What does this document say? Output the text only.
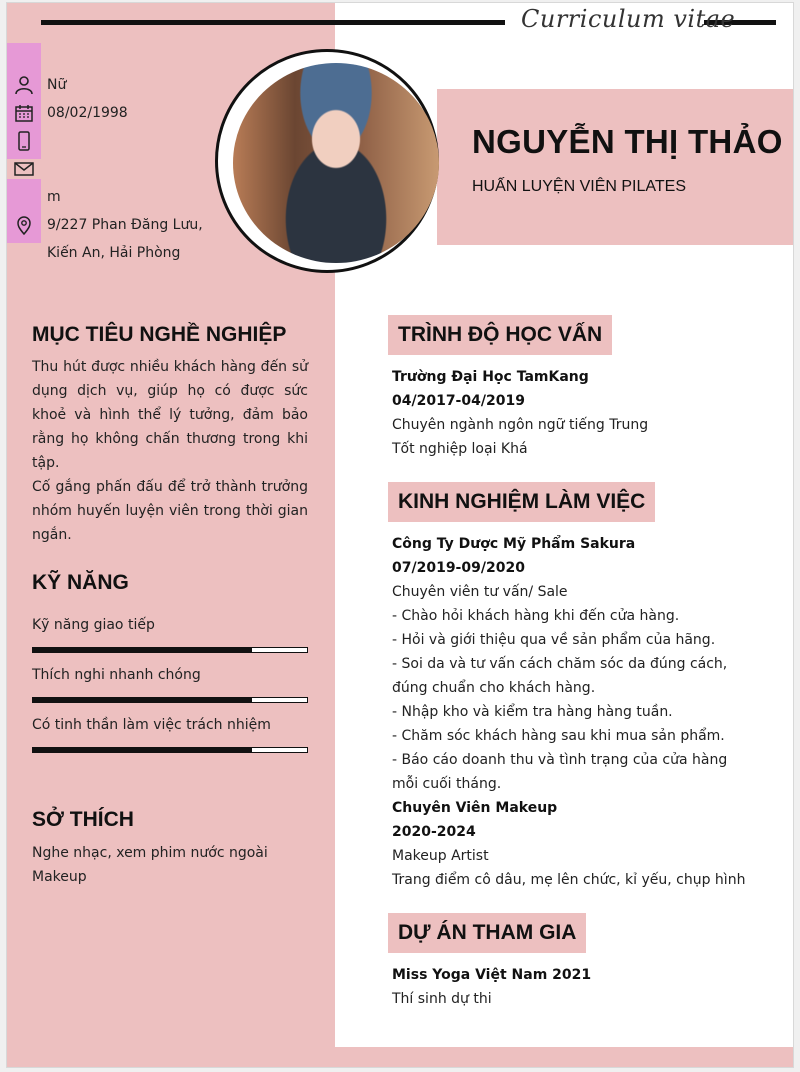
Curriculum vitae
Nữ
08/02/1998
m
9/227 Phan Đăng Lưu,
Kiến An, Hải Phòng
NGUYỄN THỊ THẢO
HUẤN LUYỆN VIÊN PILATES
MỤC TIÊU NGHỀ NGHIỆP

Thu hút được nhiều khách hàng đến sử dụng dịch vụ, giúp họ có được sức khoẻ và hình thể lý tưởng, đảm bảo rằng họ không chấn thương trong khi tập.

Cố gắng phấn đấu để trở thành trưởng nhóm huyến luyện viên trong thời gian ngắn.

KỸ NĂNG
Kỹ năng giao tiếp
Thích nghi nhanh chóng
Có tinh thần làm việc trách nhiệm
SỞ THÍCH

Nghe nhạc, xem phim nước ngoài

Makeup

TRÌNH ĐỘ HỌC VẤN
Trường Đại Học TamKang
04/2017-04/2019
Chuyên ngành ngôn ngữ tiếng Trung
Tốt nghiệp loại Khá
KINH NGHIỆM LÀM VIỆC
Công Ty Dược Mỹ Phẩm Sakura
07/2019-09/2020
Chuyên viên tư vấn/ Sale

- Chào hỏi khách hàng khi đến cửa hàng.

- Hỏi và giới thiệu qua về sản phẩm của hãng.

- Soi da và tư vấn cách chăm sóc da đúng cách, đúng chuẩn cho khách hàng.

- Nhập kho và kiểm tra hàng hàng tuần.

- Chăm sóc khách hàng sau khi mua sản phẩm.

- Báo cáo doanh thu và tình trạng của cửa hàng mỗi cuối tháng.

Chuyên Viên Makeup
2020-2024
Makeup Artist
Trang điểm cô dâu, mẹ lên chức, kỉ yếu, chụp hình
DỰ ÁN THAM GIA
Miss Yoga Việt Nam 2021
Thí sinh dự thi
